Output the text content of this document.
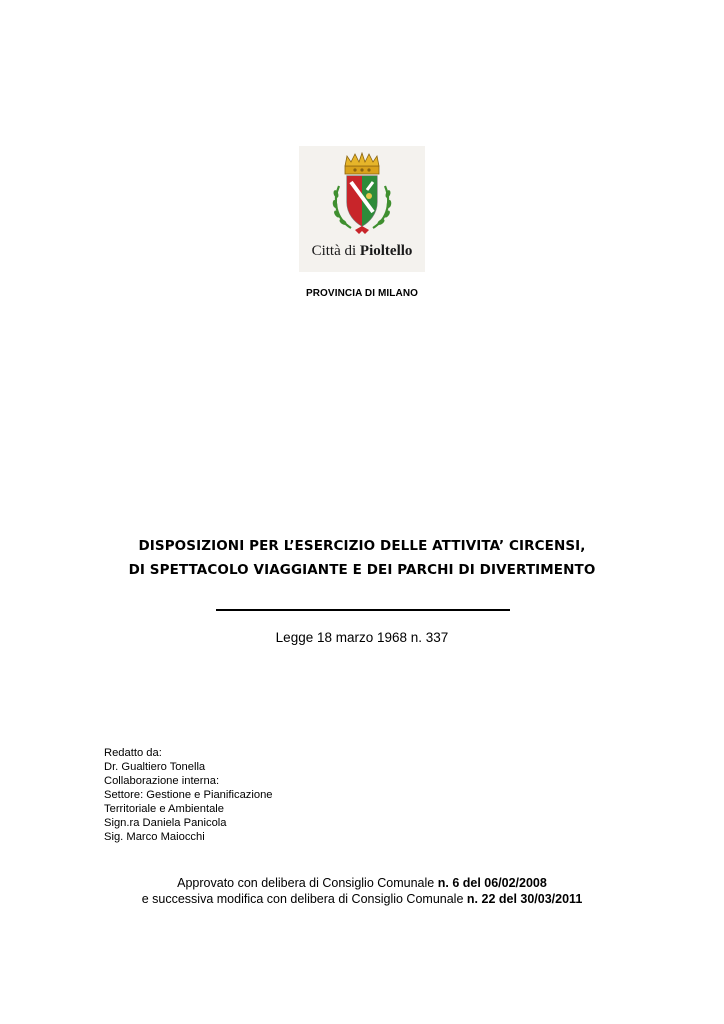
Città di Pioltello
PROVINCIA DI MILANO
DISPOSIZIONI PER L’ESERCIZIO DELLE ATTIVITA’ CIRCENSI,
DI SPETTACOLO VIAGGIANTE E DEI PARCHI DI DIVERTIMENTO
Legge 18 marzo 1968 n. 337
Redatto da:
Dr. Gualtiero Tonella
Collaborazione interna:
Settore: Gestione e Pianificazione
Territoriale e Ambientale
Sign.ra Daniela Panicola
Sig. Marco Maiocchi
Approvato con delibera di Consiglio Comunale n. 6 del 06/02/2008
e successiva modifica con delibera di Consiglio Comunale n. 22 del 30/03/2011
